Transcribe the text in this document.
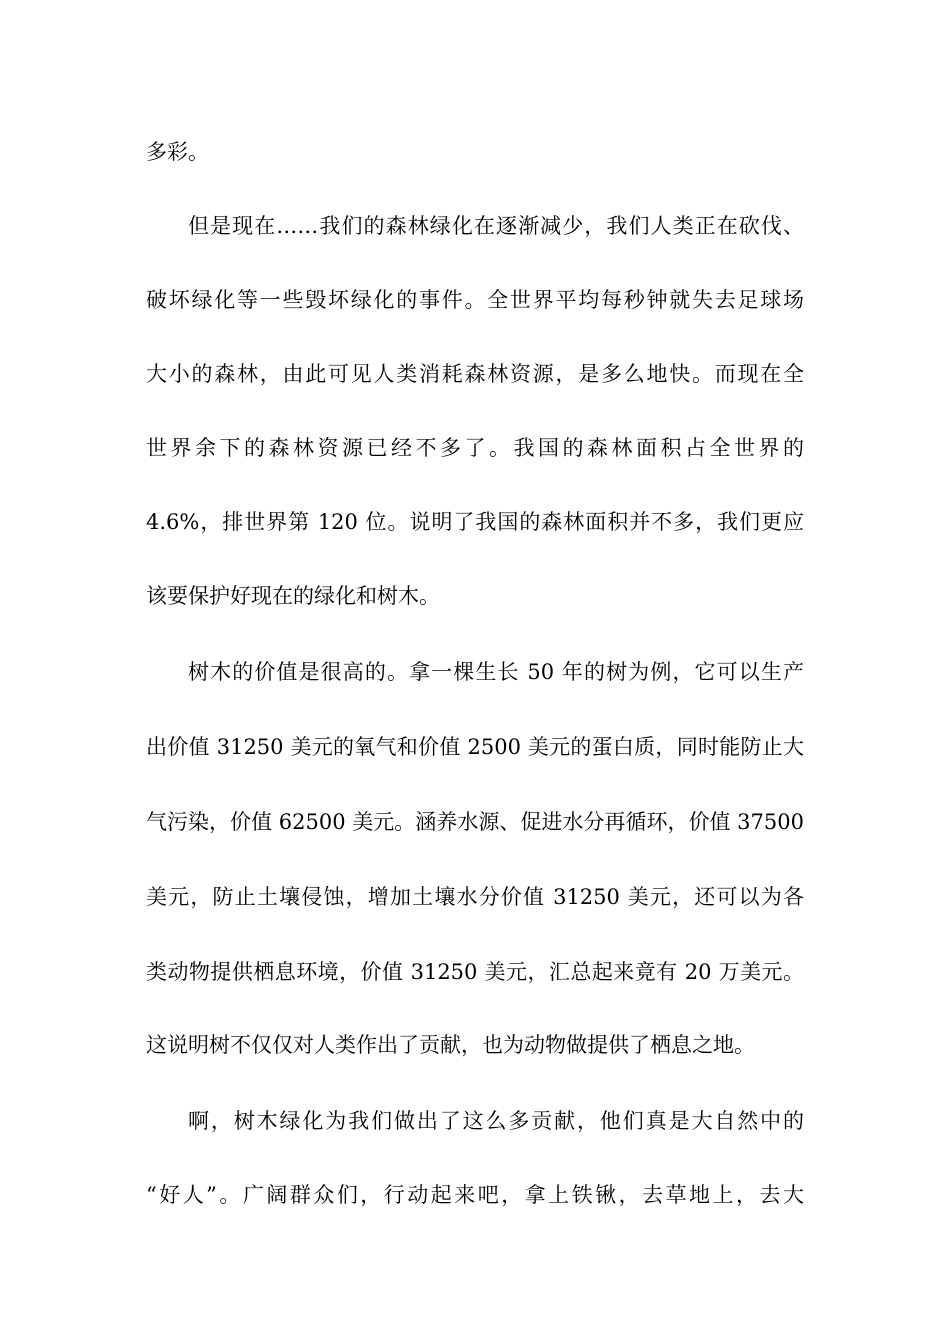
多彩。
但是现在……我们的森林绿化在逐渐减少，我们人类正在砍伐、
破坏绿化等一些毁坏绿化的事件。全世界平均每秒钟就失去足球场
大小的森林，由此可见人类消耗森林资源，是多么地快。而现在全
世界余下的森林资源已经不多了。我国的森林面积占全世界的
4.6%，排世界第 120 位。说明了我国的森林面积并不多，我们更应
该要保护好现在的绿化和树木。
树木的价值是很高的。拿一棵生长 50 年的树为例，它可以生产
出价值 31250 美元的氧气和价值 2500 美元的蛋白质，同时能防止大
气污染，价值 62500 美元。涵养水源、促进水分再循环，价值 37500
美元，防止土壤侵蚀，增加土壤水分价值 31250 美元，还可以为各
类动物提供栖息环境，价值 31250 美元，汇总起来竟有 20 万美元。
这说明树不仅仅对人类作出了贡献，也为动物做提供了栖息之地。
啊，树木绿化为我们做出了这么多贡献，他们真是大自然中的
“好人”。广阔群众们，行动起来吧，拿上铁锹，去草地上，去大
